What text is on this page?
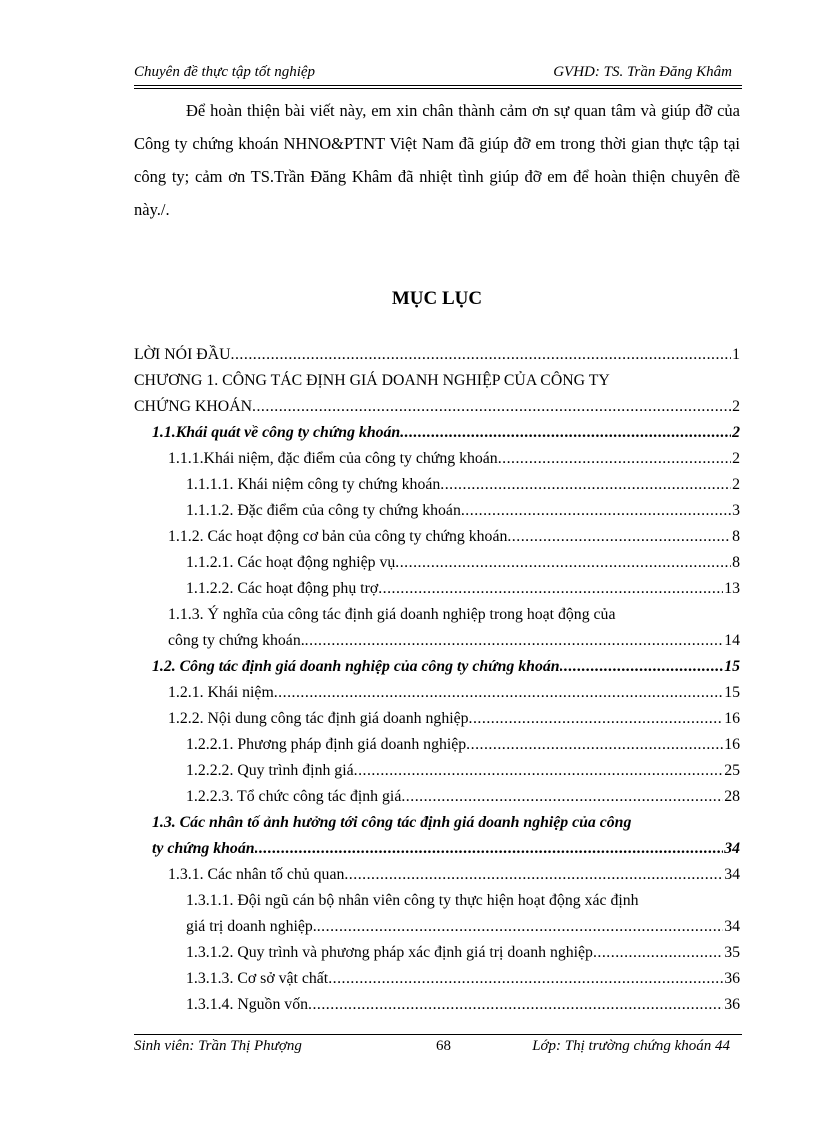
Chuyên đề thực tập tốt nghiệp	GVHD: TS. Trần Đăng Khâm

Để hoàn thiện bài viết này, em xin chân thành cảm ơn sự quan tâm và giúp đỡ của Công ty chứng khoán NHNO&PTNT Việt Nam đã giúp đỡ em trong thời gian thực tập tại công ty; cảm ơn TS.Trần Đăng Khâm đã nhiệt tình giúp đỡ em để hoàn thiện chuyên đề này./.

MỤC LỤC
LỜI NÓI ĐẦU .....	1
CHƯƠNG 1. CÔNG TÁC ĐỊNH GIÁ DOANH NGHIỆP CỦA CÔNG TY
CHỨNG KHOÁN .....	2
1.1.Khái quát về công ty chứng khoán .....	2
1.1.1.Khái niệm, đặc điểm của công ty chứng khoán .....	2
1.1.1.1. Khái niệm công ty chứng khoán .....	2
1.1.1.2. Đặc điểm của công ty chứng khoán .....	3
1.1.2. Các hoạt động cơ bản của công ty chứng khoán .....	8
1.1.2.1. Các hoạt động nghiệp vụ .....	8
1.1.2.2. Các hoạt động phụ trợ .....	13
1.1.3. Ý nghĩa của công tác định giá doanh nghiệp trong hoạt động của
công ty chứng khoán. .....	14
1.2. Công tác định giá doanh nghiệp của công ty chứng khoán .....	15
1.2.1. Khái niệm .....	15
1.2.2. Nội dung công tác định giá doanh nghiệp .....	16
1.2.2.1. Phương pháp định giá doanh nghiệp .....	16
1.2.2.2. Quy trình định giá .....	25
1.2.2.3. Tổ chức công tác định giá .....	28
1.3. Các nhân tố ảnh hưởng tới công tác định giá doanh nghiệp của công
ty chứng khoán .....	34
1.3.1. Các nhân tố chủ quan .....	34
1.3.1.1. Đội ngũ cán bộ nhân viên công ty thực hiện hoạt động xác định
giá trị doanh nghiệp. .....	34
1.3.1.2. Quy trình và phương pháp xác định giá trị doanh nghiệp .....	35
1.3.1.3. Cơ sở vật chất .....	36
1.3.1.4. Nguồn vốn .....	36
Sinh viên: Trần Thị Phượng	68	Lớp: Thị trường chứng khoán 44
